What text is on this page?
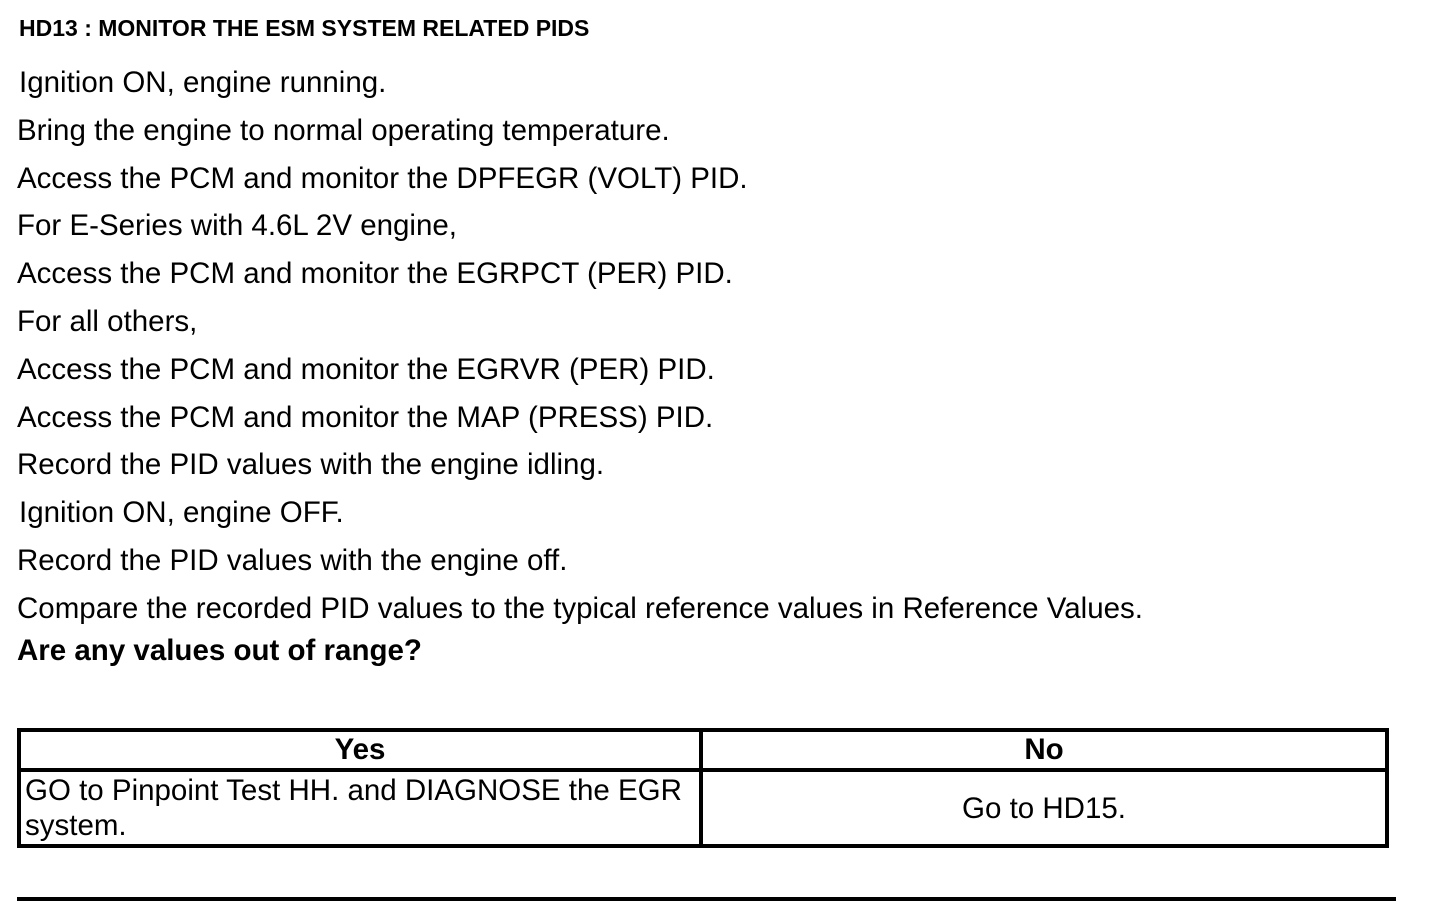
HD13 : MONITOR THE ESM SYSTEM RELATED PIDS
Ignition ON, engine running.
Bring the engine to normal operating temperature.
Access the PCM and monitor the DPFEGR (VOLT) PID.
For E-Series with 4.6L 2V engine,
Access the PCM and monitor the EGRPCT (PER) PID.
For all others,
Access the PCM and monitor the EGRVR (PER) PID.
Access the PCM and monitor the MAP (PRESS) PID.
Record the PID values with the engine idling.
Ignition ON, engine OFF.
Record the PID values with the engine off.
Compare the recorded PID values to the typical reference values in Reference Values.
Are any values out of range?
Yes	No
GO to Pinpoint Test HH. and DIAGNOSE the EGR system.	Go to HD15.
